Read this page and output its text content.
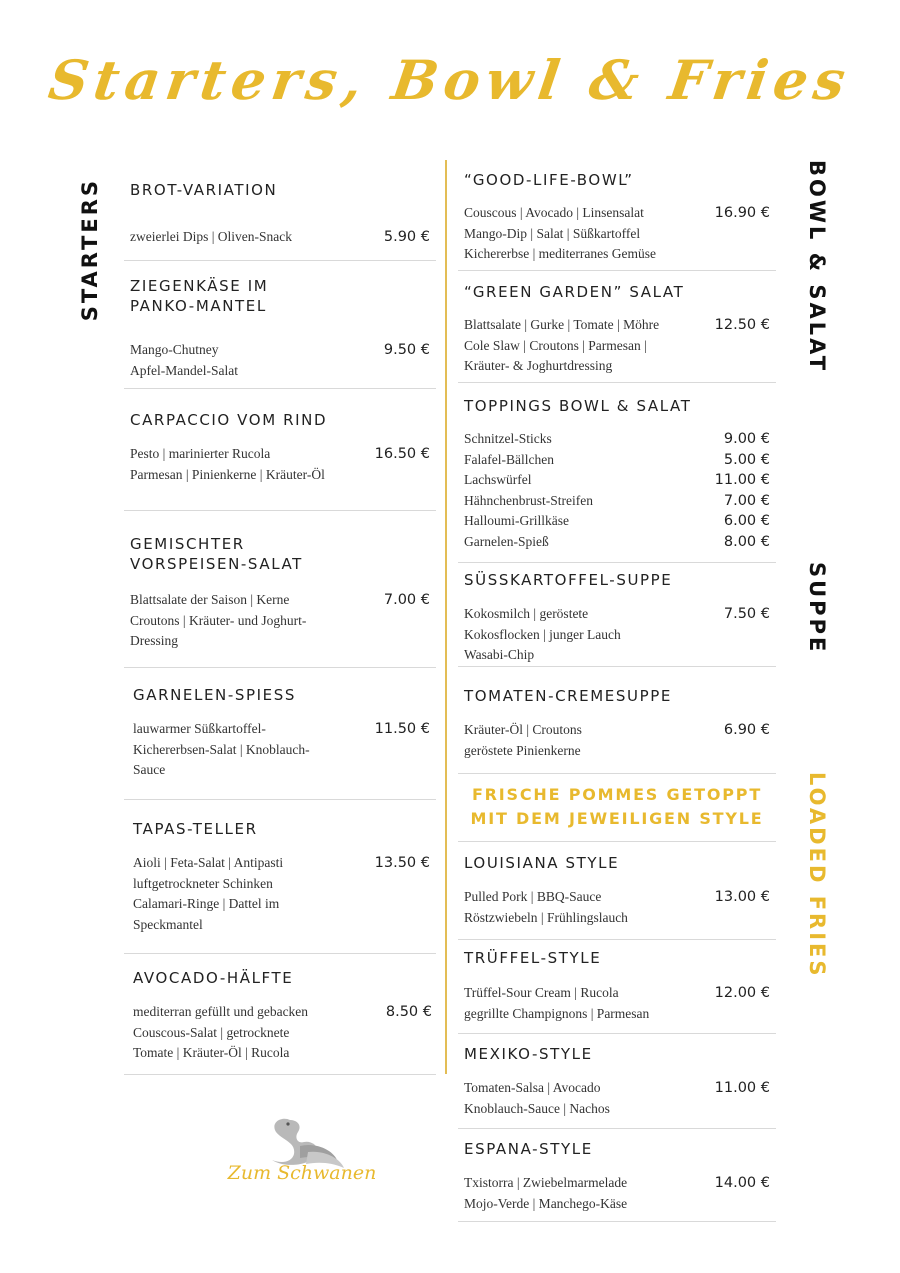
Starters, Bowl & Fries
STARTERS	BOWL & SALAT
SUPPE
LOADED FRIES
BROT-VARIATION
zweierlei Dips | Oliven-Snack	5.90 €
ZIEGENKÄSE IM PANKO-MANTEL
Mango-Chutney
Apfel-Mandel-Salat
9.50 €
CARPACCIO VOM RIND
Pesto | marinierter Rucola
Parmesan | Pinienkerne | Kräuter-Öl
16.50 €
GEMISCHTER VORSPEISEN-SALAT
Blattsalate der Saison | Kerne
Croutons | Kräuter- und Joghurt-
Dressing
7.00 €
GARNELEN-SPIESS
lauwarmer Süßkartoffel-
Kichererbsen-Salat | Knoblauch-
Sauce
11.50 €
TAPAS-TELLER
Aioli | Feta-Salat | Antipasti
luftgetrockneter Schinken
Calamari-Ringe | Dattel im
Speckmantel
13.50 €
AVOCADO-HÄLFTE
mediterran gefüllt und gebacken
Couscous-Salat | getrocknete
Tomate | Kräuter-Öl | Rucola
8.50 €
“GOOD-LIFE-BOWL”
Couscous | Avocado | Linsensalat
Mango-Dip | Salat | Süßkartoffel
Kichererbse | mediterranes Gemüse
16.90 €
“GREEN GARDEN” SALAT
Blattsalate | Gurke | Tomate | Möhre
Cole Slaw | Croutons | Parmesan |
Kräuter- & Joghurtdressing
12.50 €
TOPPINGS BOWL & SALAT
Schnitzel-Sticks	9.00 €
Falafel-Bällchen	5.00 €
Lachswürfel	11.00 €
Hähnchenbrust-Streifen	7.00 €
Halloumi-Grillkäse	6.00 €
Garnelen-Spieß	8.00 €
SÜSSKARTOFFEL-SUPPE
Kokosmilch | geröstete
Kokosflocken | junger Lauch
Wasabi-Chip
7.50 €
TOMATEN-CREMESUPPE
Kräuter-Öl | Croutons
geröstete Pinienkerne
6.90 €
FRISCHE POMMES GETOPPT
MIT DEM JEWEILIGEN STYLE
LOUISIANA STYLE
Pulled Pork | BBQ-Sauce
Röstzwiebeln | Frühlingslauch
13.00 €
TRÜFFEL-STYLE
Trüffel-Sour Cream | Rucola
gegrillte Champignons | Parmesan
12.00 €
MEXIKO-STYLE
Tomaten-Salsa | Avocado
Knoblauch-Sauce | Nachos
11.00 €
ESPANA-STYLE
Txistorra | Zwiebelmarmelade
Mojo-Verde | Manchego-Käse
14.00 €
Zum Schwanen
